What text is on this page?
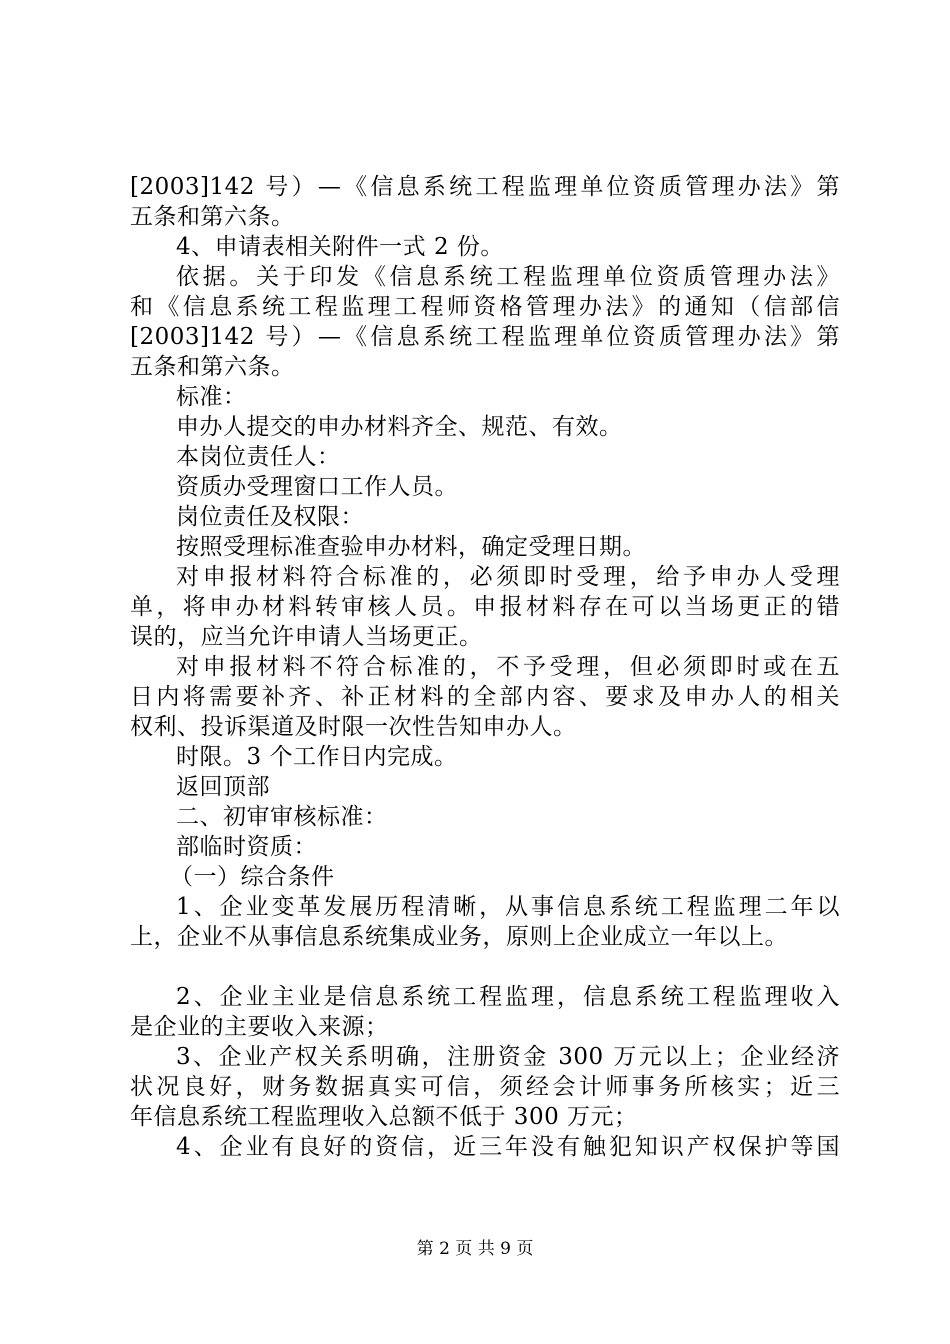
[2003]142 号）—《信息系统工程监理单位资质管理办法》第
五条和第六条。
4、申请表相关附件一式 2 份。
依据。关于印发《信息系统工程监理单位资质管理办法》
和《信息系统工程监理工程师资格管理办法》的通知（信部信
[2003]142 号）—《信息系统工程监理单位资质管理办法》第
五条和第六条。
标准：
申办人提交的申办材料齐全、规范、有效。
本岗位责任人：
资质办受理窗口工作人员。
岗位责任及权限：
按照受理标准查验申办材料，确定受理日期。
对申报材料符合标准的，必须即时受理，给予申办人受理
单，将申办材料转审核人员。申报材料存在可以当场更正的错
误的，应当允许申请人当场更正。
对申报材料不符合标准的，不予受理，但必须即时或在五
日内将需要补齐、补正材料的全部内容、要求及申办人的相关
权利、投诉渠道及时限一次性告知申办人。
时限。3 个工作日内完成。
返回顶部
二、初审审核标准：
部临时资质：
（一）综合条件
1、企业变革发展历程清晰，从事信息系统工程监理二年以
上，企业不从事信息系统集成业务，原则上企业成立一年以上。
2、企业主业是信息系统工程监理，信息系统工程监理收入
是企业的主要收入来源；
3、企业产权关系明确，注册资金 300 万元以上；企业经济
状况良好，财务数据真实可信，须经会计师事务所核实；近三
年信息系统工程监理收入总额不低于 300 万元；
4、企业有良好的资信，近三年没有触犯知识产权保护等国
第 2 页 共 9 页
